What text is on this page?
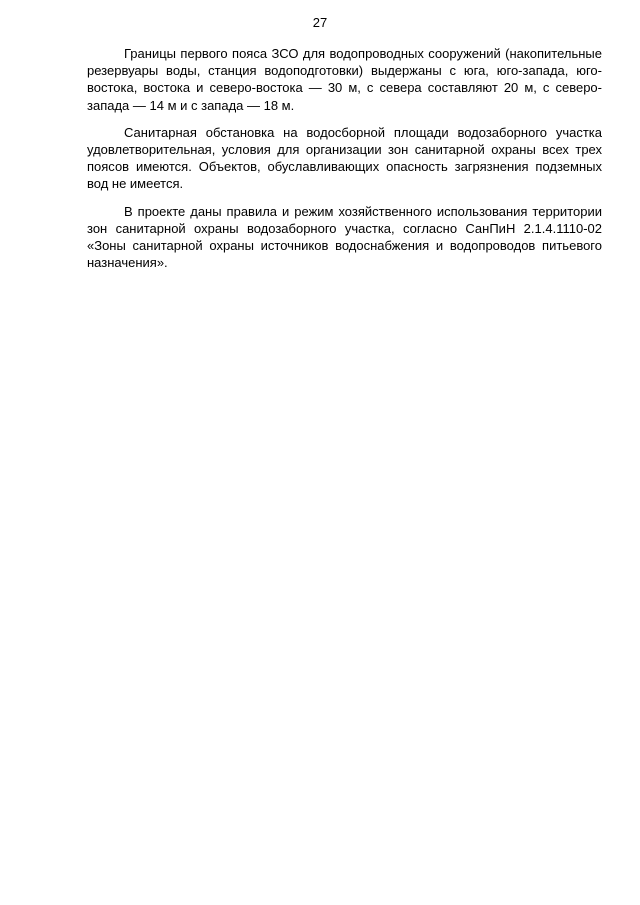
27

Границы первого пояса ЗСО для водопроводных сооружений (накопительные резервуары воды, станция водоподготовки) выдержаны с юга, юго-запада, юго-востока, востока и северо-востока — 30 м, с севера составляют 20 м, с северо-запада — 14 м и с запада — 18 м.

Санитарная обстановка на водосборной площади водозаборного участка удовлетворительная, условия для организации зон санитарной охраны всех трех поясов имеются. Объектов, обуславливающих опасность загрязнения подземных вод не имеется.

В проекте даны правила и режим хозяйственного использования территории зон санитарной охраны водозаборного участка, согласно СанПиН 2.1.4.1110-02 «Зоны санитарной охраны источников водоснабжения и водопроводов питьевого назначения».
